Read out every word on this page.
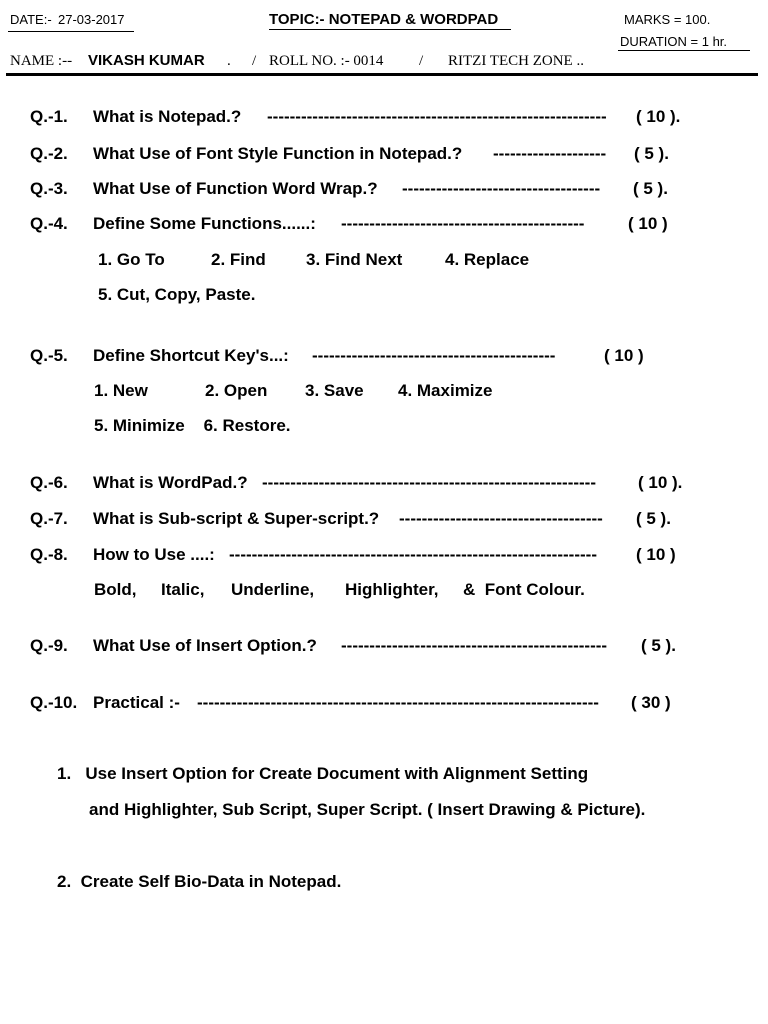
DATE:- 27-03-2017	TOPIC:- NOTEPAD & WORDPAD	MARKS = 100.
DURATION = 1 hr.
NAME :-- VIKASH KUMAR . / ROLL NO. :- 0014 / RITZI TECH ZONE ..
Q.-1. What is Notepad.? ------------------------------------------------------------ ( 10 ).
Q.-2. What Use of Font Style Function in Notepad.? -------------------- ( 5 ).
Q.-3. What Use of Function Word Wrap.? ----------------------------------- ( 5 ).
Q.-4. Define Some Functions......: -------------------------------------------	( 10 )
1. Go To	2. Find 3. Find Next	4. Replace
5. Cut, Copy, Paste.
Q.-5. Define Shortcut Key's...: -------------------------------------------	( 10 )
1. New	2. Open 3. Save 4. Maximize
5. Minimize    6. Restore.
Q.-6. What is WordPad.? ----------------------------------------------------------- ( 10 ).
Q.-7. What is Sub-script & Super-script.? ------------------------------------ ( 5 ).
Q.-8. How to Use ....: ----------------------------------------------------------------- ( 10 )
Bold, Italic, Underline, Highlighter, &  Font Colour.
Q.-9. What Use of Insert Option.? ----------------------------------------------- ( 5 ).
Q.-10. Practical :- ----------------------------------------------------------------------- ( 30 )
1.   Use Insert Option for Create Document with Alignment Setting
and Highlighter, Sub Script, Super Script. ( Insert Drawing & Picture).
2.  Create Self Bio-Data in Notepad.
